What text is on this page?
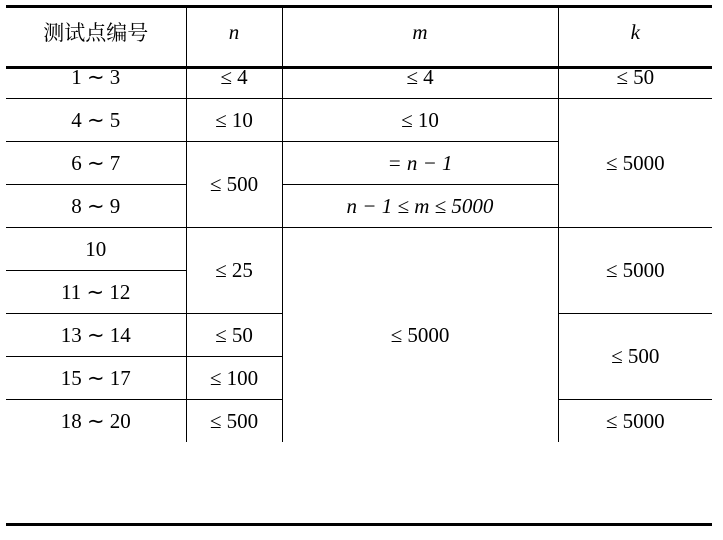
测试点编号	n	m	k
1 ∼ 3	≤ 4	≤ 4	≤ 50
4 ∼ 5	≤ 10	≤ 10	≤ 5000
6 ∼ 7	≤ 500	= n − 1	
8 ∼ 9		n − 1 ≤ m ≤ 5000	
10	≤ 25	≤ 5000	≤ 5000
11 ∼ 12			
13 ∼ 14	≤ 50		≤ 500
15 ∼ 17	≤ 100		
18 ∼ 20	≤ 500		≤ 5000
